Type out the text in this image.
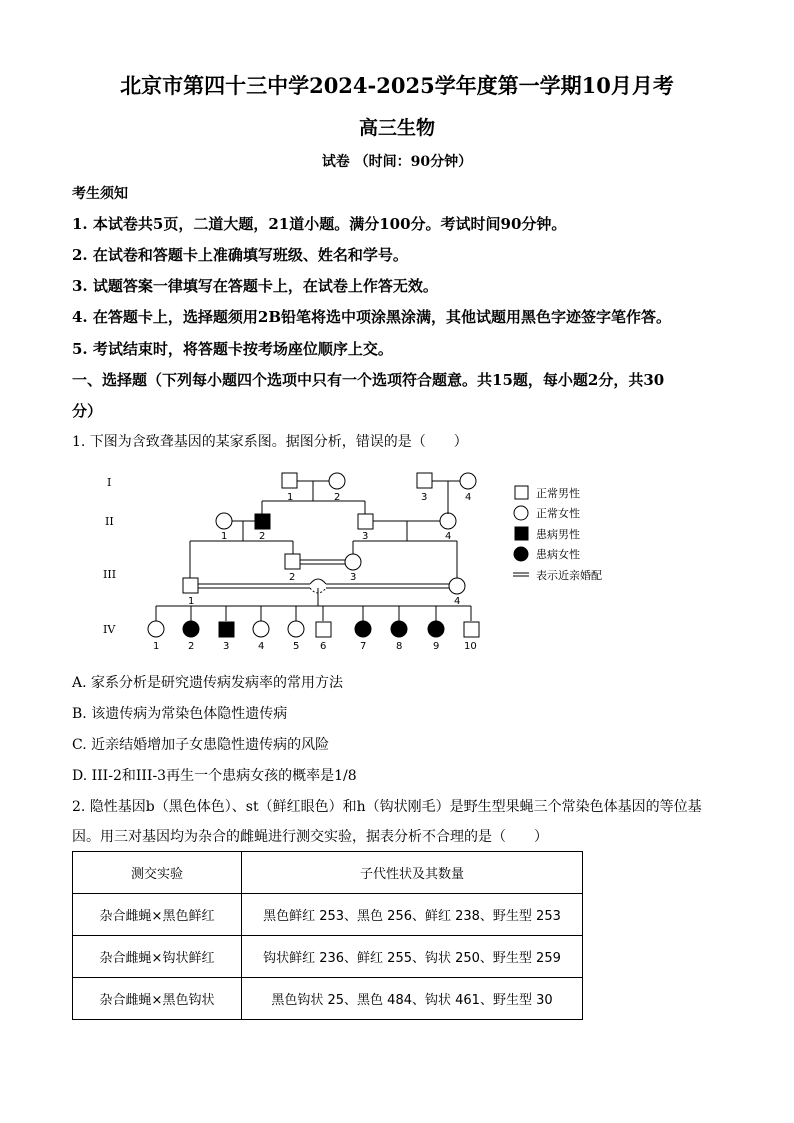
北京市第四十三中学2024-2025学年度第一学期10月月考
高三生物
试卷 （时间：90分钟）
考生须知
1. 本试卷共5页，二道大题，21道小题。满分100分。考试时间90分钟。
2. 在试卷和答题卡上准确填写班级、姓名和学号。
3. 试题答案一律填写在答题卡上，在试卷上作答无效。
4. 在答题卡上，选择题须用2B铅笔将选中项涂黑涂满，其他试题用黑色字迹签字笔作答。
5. 考试结束时，将答题卡按考场座位顺序上交。
一、选择题（下列每小题四个选项中只有一个选项符合题意。共15题，每小题2分，共30
分）
1. 下图为含致聋基因的某家系图。据图分析，错误的是（　　）
I
II
III
IV
1	2	3	4
1	2	3	4
1
2	3
4
1	2	3	4	5 6	7	8	9 10
正常男性
正常女性
患病男性
患病女性
表示近亲婚配
A. 家系分析是研究遗传病发病率的常用方法
B. 该遗传病为常染色体隐性遗传病
C. 近亲结婚增加子女患隐性遗传病的风险
D. III-2和III-3再生一个患病女孩的概率是1/8
2. 隐性基因b（黑色体色）、st（鲜红眼色）和h（钩状刚毛）是野生型果蝇三个常染色体基因的等位基
因。用三对基因均为杂合的雌蝇进行测交实验，据表分析不合理的是（　　）
测交实验	子代性状及其数量
杂合雌蝇×黑色鲜红	黑色鲜红 253、黑色 256、鲜红 238、野生型 253
杂合雌蝇×钩状鲜红	钩状鲜红 236、鲜红 255、钩状 250、野生型 259
杂合雌蝇×黑色钩状	黑色钩状 25、黑色 484、钩状 461、野生型 30
